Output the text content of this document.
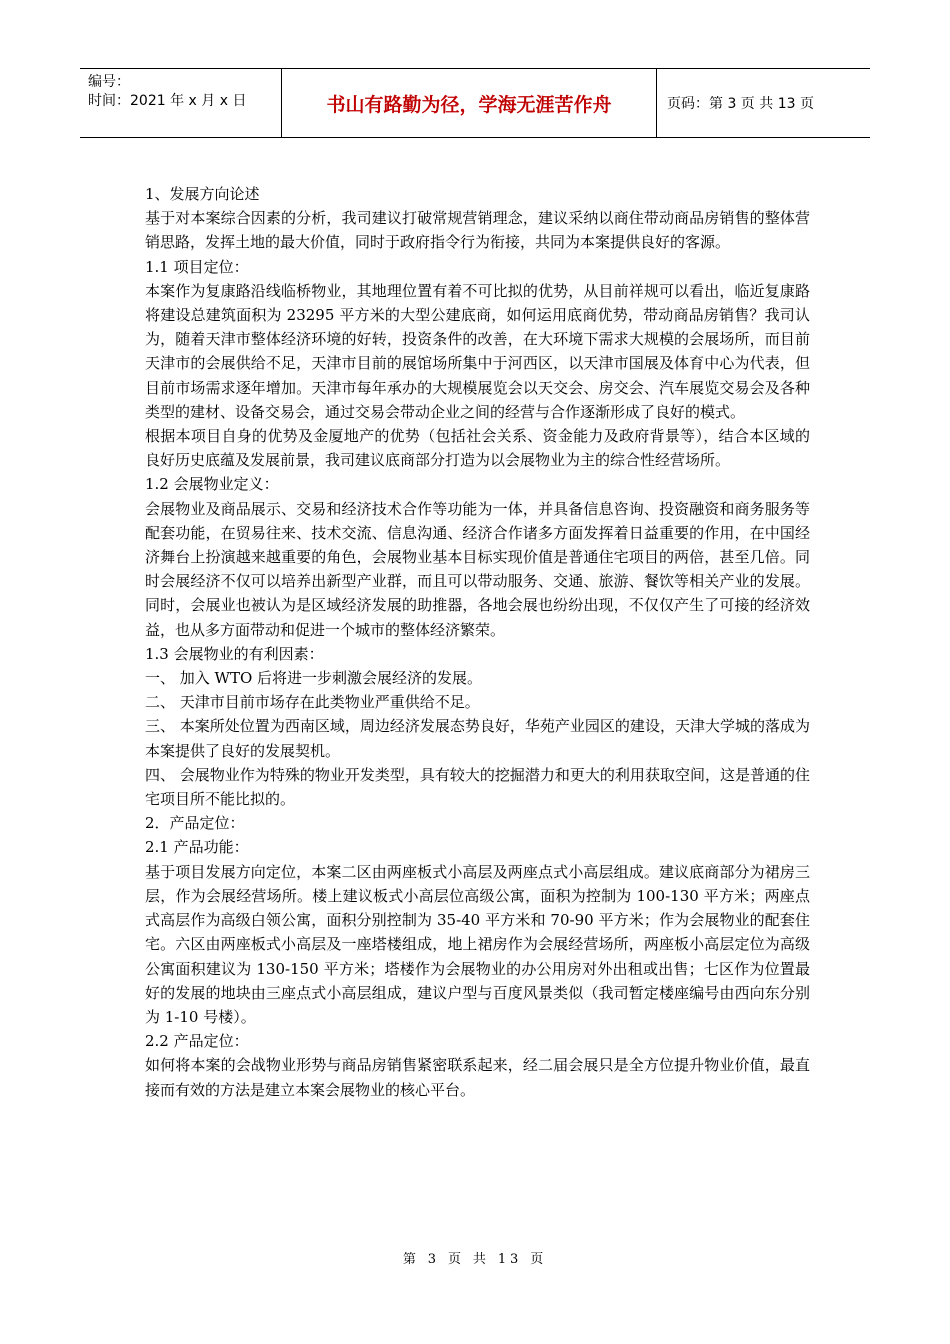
编号：
时间：2021 年 x 月 x 日	书山有路勤为径，学海无涯苦作舟	页码：第 3 页 共 13 页

1、发展方向论述

基于对本案综合因素的分析，我司建议打破常规营销理念，建议采纳以商住带动商品房销售的整体营销思路，发挥土地的最大价值，同时于政府指令行为衔接，共同为本案提供良好的客源。

1.1 项目定位：

本案作为复康路沿线临桥物业，其地理位置有着不可比拟的优势，从目前祥规可以看出，临近复康路将建设总建筑面积为 23295 平方米的大型公建底商，如何运用底商优势，带动商品房销售？我司认为，随着天津市整体经济环境的好转，投资条件的改善，在大环境下需求大规模的会展场所，而目前天津市的会展供给不足，天津市目前的展馆场所集中于河西区，以天津市国展及体育中心为代表，但目前市场需求逐年增加。天津市每年承办的大规模展览会以天交会、房交会、汽车展览交易会及各种类型的建材、设备交易会，通过交易会带动企业之间的经营与合作逐渐形成了良好的模式。

根据本项目自身的优势及金厦地产的优势（包括社会关系、资金能力及政府背景等），结合本区域的良好历史底蕴及发展前景，我司建议底商部分打造为以会展物业为主的综合性经营场所。

1.2 会展物业定义：

会展物业及商品展示、交易和经济技术合作等功能为一体，并具备信息咨询、投资融资和商务服务等配套功能，在贸易往来、技术交流、信息沟通、经济合作诸多方面发挥着日益重要的作用，在中国经济舞台上扮演越来越重要的角色，会展物业基本目标实现价值是普通住宅项目的两倍，甚至几倍。同时会展经济不仅可以培养出新型产业群，而且可以带动服务、交通、旅游、餐饮等相关产业的发展。同时，会展业也被认为是区域经济发展的助推器，各地会展也纷纷出现，不仅仅产生了可接的经济效益，也从多方面带动和促进一个城市的整体经济繁荣。

1.3 会展物业的有利因素：

一、 加入 WTO 后将进一步刺激会展经济的发展。

二、 天津市目前市场存在此类物业严重供给不足。

三、 本案所处位置为西南区域，周边经济发展态势良好，华苑产业园区的建设，天津大学城的落成为本案提供了良好的发展契机。

四、 会展物业作为特殊的物业开发类型，具有较大的挖掘潜力和更大的利用获取空间，这是普通的住宅项目所不能比拟的。

2．产品定位：

2.1 产品功能：

基于项目发展方向定位，本案二区由两座板式小高层及两座点式小高层组成。建议底商部分为裙房三层，作为会展经营场所。楼上建议板式小高层位高级公寓，面积为控制为 100-130 平方米；两座点式高层作为高级白领公寓，面积分别控制为 35-40 平方米和 70-90 平方米；作为会展物业的配套住宅。六区由两座板式小高层及一座塔楼组成，地上裙房作为会展经营场所，两座板小高层定位为高级公寓面积建议为 130-150 平方米；塔楼作为会展物业的办公用房对外出租或出售；七区作为位置最好的发展的地块由三座点式小高层组成，建议户型与百度风景类似（我司暂定楼座编号由西向东分别为 1-10 号楼）。

2.2 产品定位：

如何将本案的会战物业形势与商品房销售紧密联系起来，经二届会展只是全方位提升物业价值，最直接而有效的方法是建立本案会展物业的核心平台。

第 3 页 共 13 页
